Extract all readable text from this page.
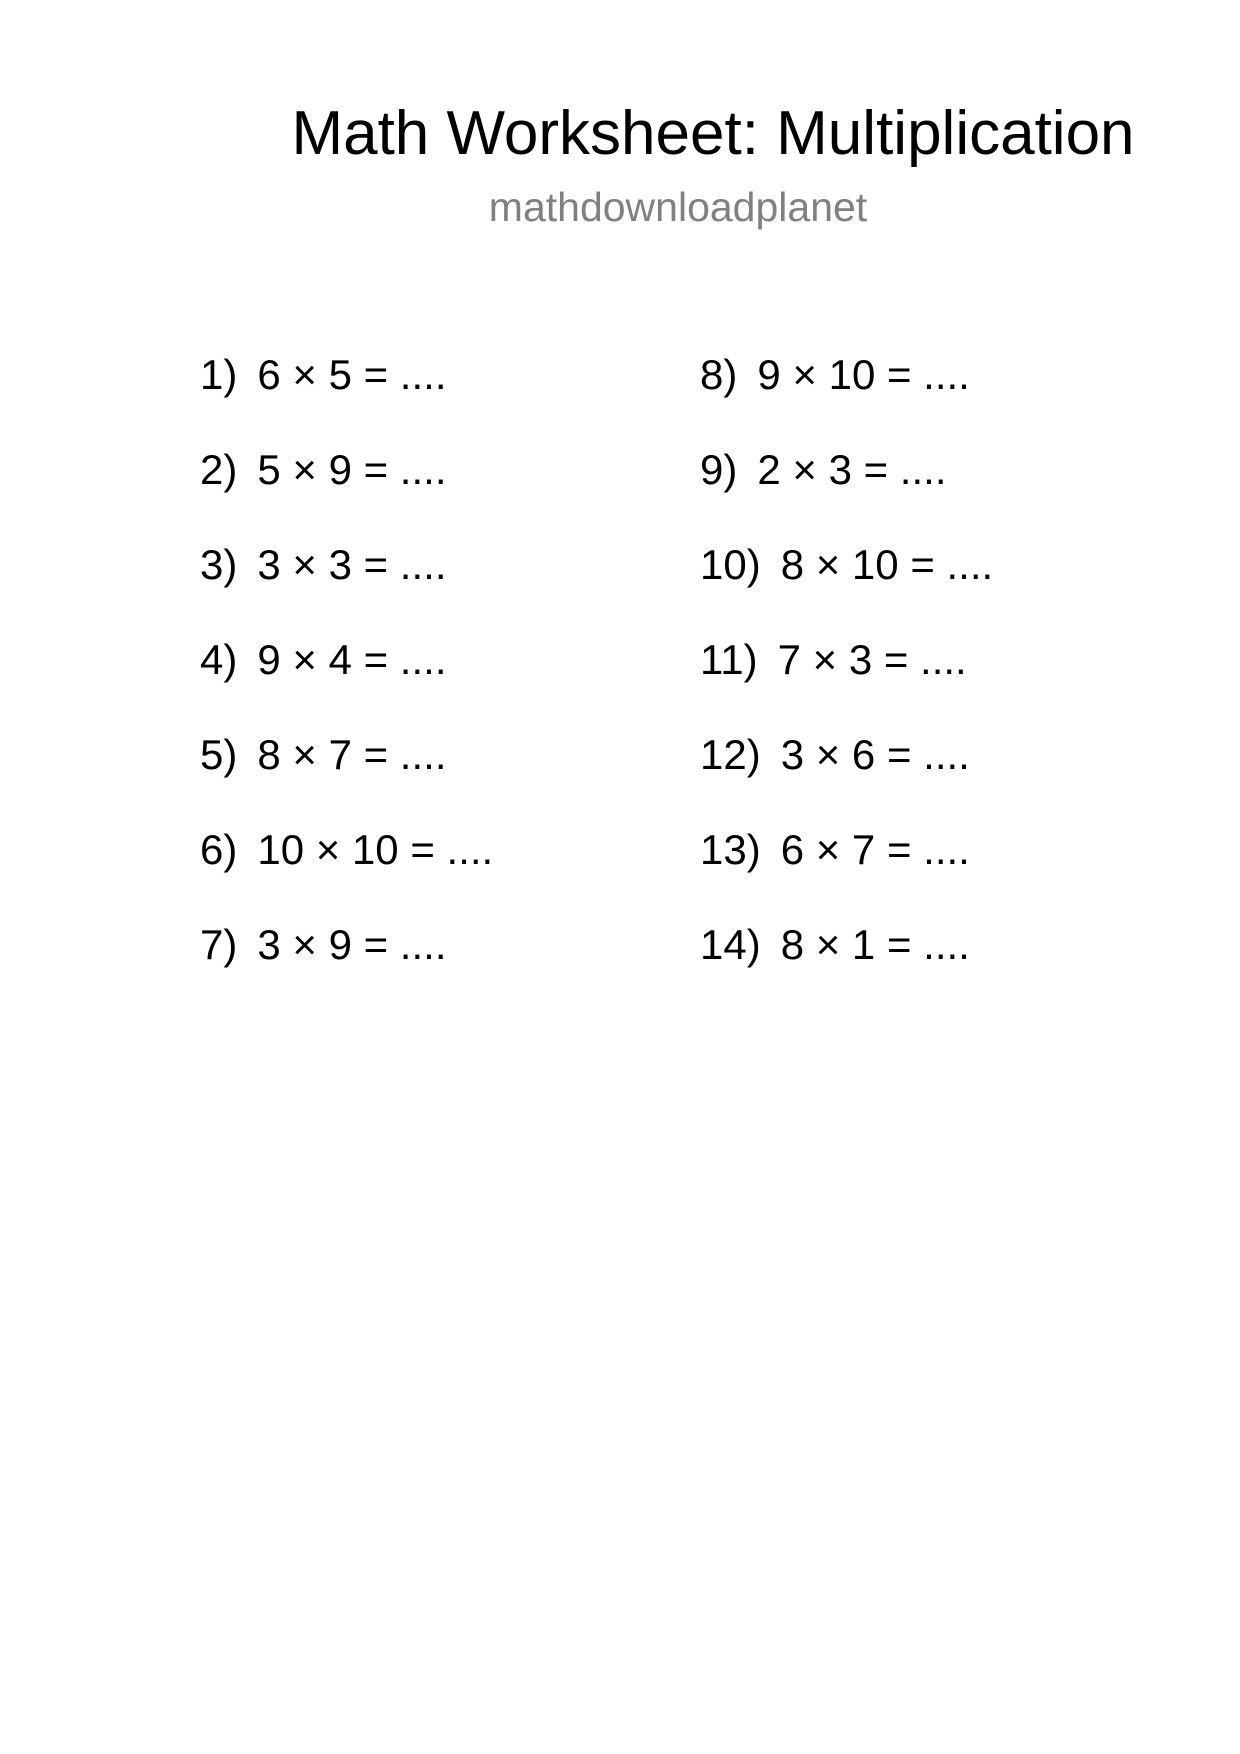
Math Worksheet: Multiplication
mathdownloadplanet
1) 6 × 5 = ....
2) 5 × 9 = ....
3) 3 × 3 = ....
4) 9 × 4 = ....
5) 8 × 7 = ....
6) 10 × 10 = ....
7) 3 × 9 = ....
8) 9 × 10 = ....
9) 2 × 3 = ....
10) 8 × 10 = ....
11) 7 × 3 = ....
12) 3 × 6 = ....
13) 6 × 7 = ....
14) 8 × 1 = ....
